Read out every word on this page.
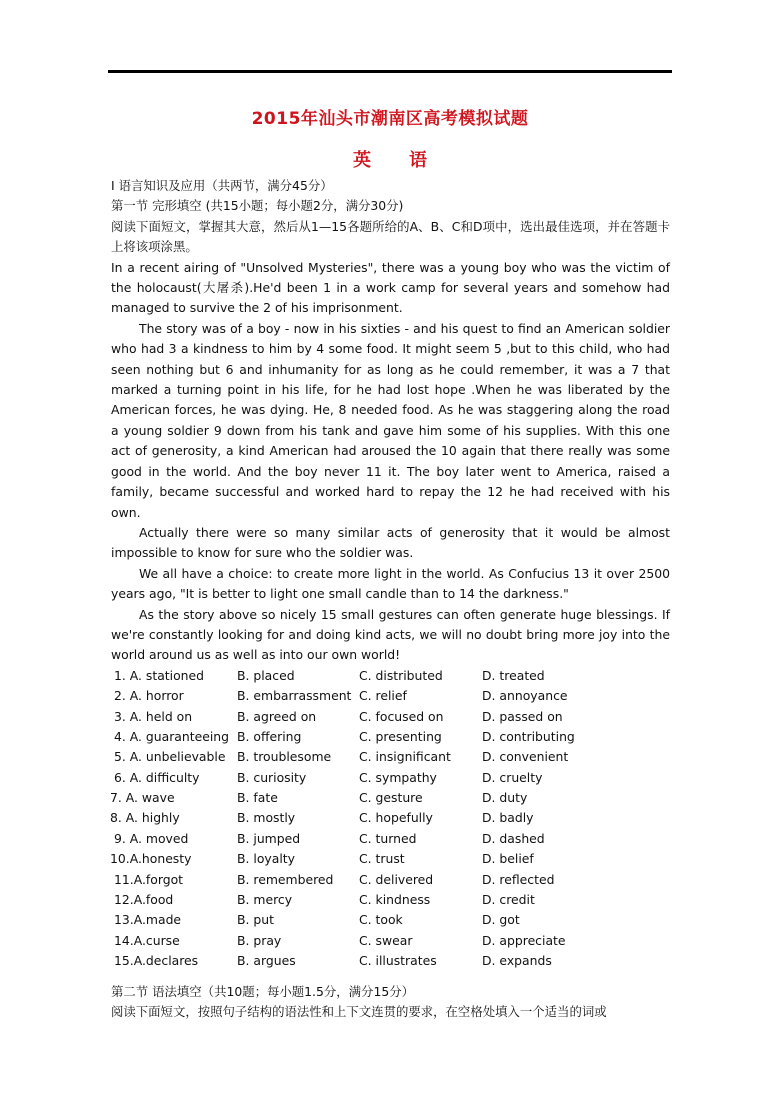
2015年汕头市潮南区高考模拟试题
英 语

I 语言知识及应用（共两节，满分45分）

第一节 完形填空 (共15小题；每小题2分，满分30分)

阅读下面短文，掌握其大意，然后从1—15各题所给的A、B、C和D项中，选出最佳选项，并在答题卡上将该项涂黑。

In a recent airing of "Unsolved Mysteries", there was a young boy who was the victim of the holocaust(大屠杀).He'd been 1 in a work camp for several years and somehow had managed to survive the 2 of his imprisonment.

The story was of a boy - now in his sixties - and his quest to find an American soldier who had 3 a kindness to him by 4 some food. It might seem 5 ,but to this child, who had seen nothing but 6 and inhumanity for as long as he could remember, it was a 7 that marked a turning point in his life, for he had lost hope .When he was liberated by the American forces, he was dying. He, 8 needed food. As he was staggering along the road a young soldier 9 down from his tank and gave him some of his supplies. With this one act of generosity, a kind American had aroused the 10 again that there really was some good in the world. And the boy never 11 it. The boy later went to America, raised a family, became successful and worked hard to repay the 12 he had received with his own.

Actually there were so many similar acts of generosity that it would be almost impossible to know for sure who the soldier was.

We all have a choice: to create more light in the world. As Confucius 13 it over 2500 years ago, "It is better to light one small candle than to 14 the darkness."

As the story above so nicely 15 small gestures can often generate huge blessings. If we're constantly looking for and doing kind acts, we will no doubt bring more joy into the world around us as well as into our own world!

1. A. stationed	B. placed	C. distributed	D. treated
2. A. horror	B. embarrassment C. relief	D. annoyance
3. A. held on	B. agreed on	C. focused on	D. passed on
4. A. guaranteeing B. offering	C. presenting	D. contributing
5. A. unbelievable B. troublesome	C. insignificant	D. convenient
6. A. difficulty	B. curiosity	C. sympathy	D. cruelty
7. A. wave	B. fate	C. gesture	D. duty
8. A. highly	B. mostly	C. hopefully	D. badly
9. A. moved	B. jumped	C. turned	D. dashed
10.A.honesty	B. loyalty	C. trust	D. belief
11.A.forgot	B. remembered	C. delivered	D. reflected
12.A.food	B. mercy	C. kindness	D. credit
13.A.made	B. put	C. took	D. got
14.A.curse	B. pray	C. swear	D. appreciate
15.A.declares	B. argues	C. illustrates	D. expands

第二节 语法填空（共10题；每小题1.5分，满分15分）

阅读下面短文，按照句子结构的语法性和上下文连贯的要求，在空格处填入一个适当的词或
